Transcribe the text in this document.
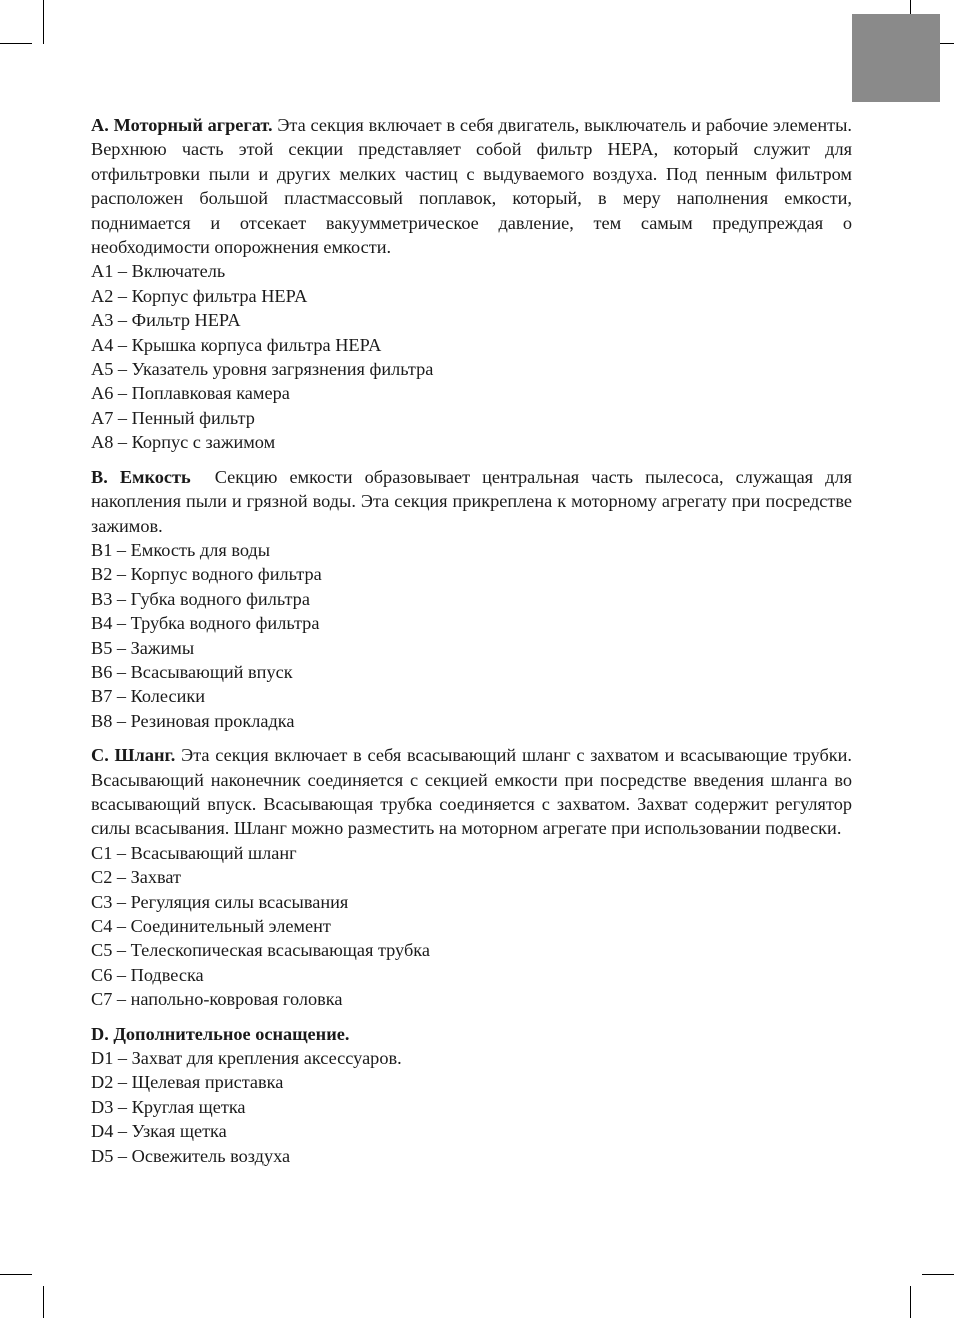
A. Моторный агрегат. Эта секция включает в себя двигатель, выключатель и рабочие элементы. Верхнюю часть этой секции представляет собой фильтр HEPA, который служит для отфильтровки пыли и других мелких частиц с выдуваемого воздуха. Под пенным фильтром расположен большой пластмассовый поплавок, который, в меру наполнения емкости, поднимается и отсекает вакуумметрическое давление, тем самым предупреждая о необходимости опорожнения емкости.

A1 – Включатель
A2 – Корпус фильтра HEPA
A3 – Фильтр HEPA
A4 – Крышка корпуса фильтра HEPA
A5 – Указатель уровня загрязнения фильтра
A6 – Поплавковая камера
A7 – Пенный фильтр
A8 – Корпус с зажимом

B. Емкость  Секцию емкости образовывает центральная часть пылесоса, служащая для накопления пыли и грязной воды. Эта секция прикреплена к моторному агрегату при посредстве зажимов.

B1 – Емкость для воды
B2 – Корпус водного фильтра
B3 – Губка водного фильтра
B4 – Трубка водного фильтра
B5 – Зажимы
B6 – Всасывающий впуск
B7 – Колесики
B8 – Резиновая прокладка

C. Шланг. Эта секция включает в себя всасывающий шланг с захватом и всасывающие трубки. Всасывающий наконечник соединяется с секцией емкости при посредстве введения шланга во всасывающий впуск. Всасывающая трубка соединяется с захватом. Захват содержит регулятор силы всасывания. Шланг можно разместить на моторном агрегате при использовании подвески.

C1 – Всасывающий шланг
C2 – Захват
C3 – Регуляция силы всасывания
C4 – Соединительный элемент
C5 – Телескопическая всасывающая трубка
C6 – Подвеска
C7 – напольно-ковровая головка

D. Дополнительное оснащение.

D1 – Захват для крепления аксессуаров.
D2 – Щелевая приставка
D3 – Круглая щетка
D4 – Узкая щетка
D5 – Освежитель воздуха
